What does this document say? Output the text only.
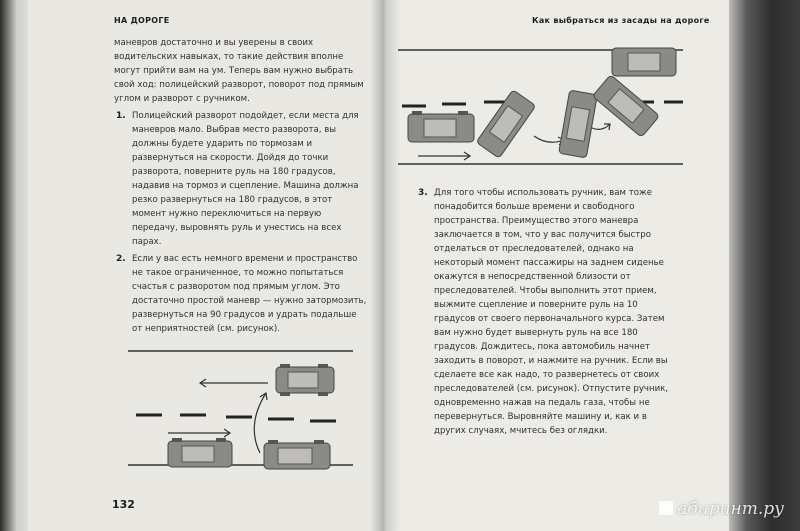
НА ДОРОГЕ

маневров достаточно и вы уверены в своих водительских навыках, то такие действия вполне могут прийти вам на ум. Теперь вам нужно выбрать свой ход: полицейский разворот, поворот под прямым углом и разворот с ручником.

1. Полицейский разворот подойдет, если места для маневров мало. Выбрав место разворота, вы должны будете ударить по тормозам и развернуться на скорости. Дойдя до точки разворота, поверните руль на 180 градусов, надавив на тормоз и сцепление. Машина должна резко развернуться на 180 градусов, в этот момент нужно переключиться на первую передачу, выровнять руль и унестись на всех парах.
2. Если у вас есть немного времени и пространство не такое ограниченное, то можно попытаться счастья с разворотом под прямым углом. Это достаточно простой маневр — нужно затормозить, развернуться на 90 градусов и удрать подальше от неприятностей (см. рисунок).
132
Как выбраться из засады на дороге
3. Для того чтобы использовать ручник, вам тоже понадобится больше времени и свободного пространства. Преимущество этого маневра заключается в том, что у вас получится быстро отделаться от преследователей, однако на некоторый момент пассажиры на заднем сиденье окажутся в непосредственной близости от преследователей. Чтобы выполнить этот прием, выжмите сцепление и поверните руль на 10 градусов от своего первоначального курса. Затем вам нужно будет вывернуть руль на все 180 градусов. Дождитесь, пока автомобиль начнет заходить в поворот, и нажмите на ручник. Если вы сделаете все как надо, то развернетесь от своих преследователей (см. рисунок). Отпустите ручник, одновременно нажав на педаль газа, чтобы не перевернуться. Выровняйте машину и, как и в других случаях, мчитесь без оглядки.
абиринт.ру
